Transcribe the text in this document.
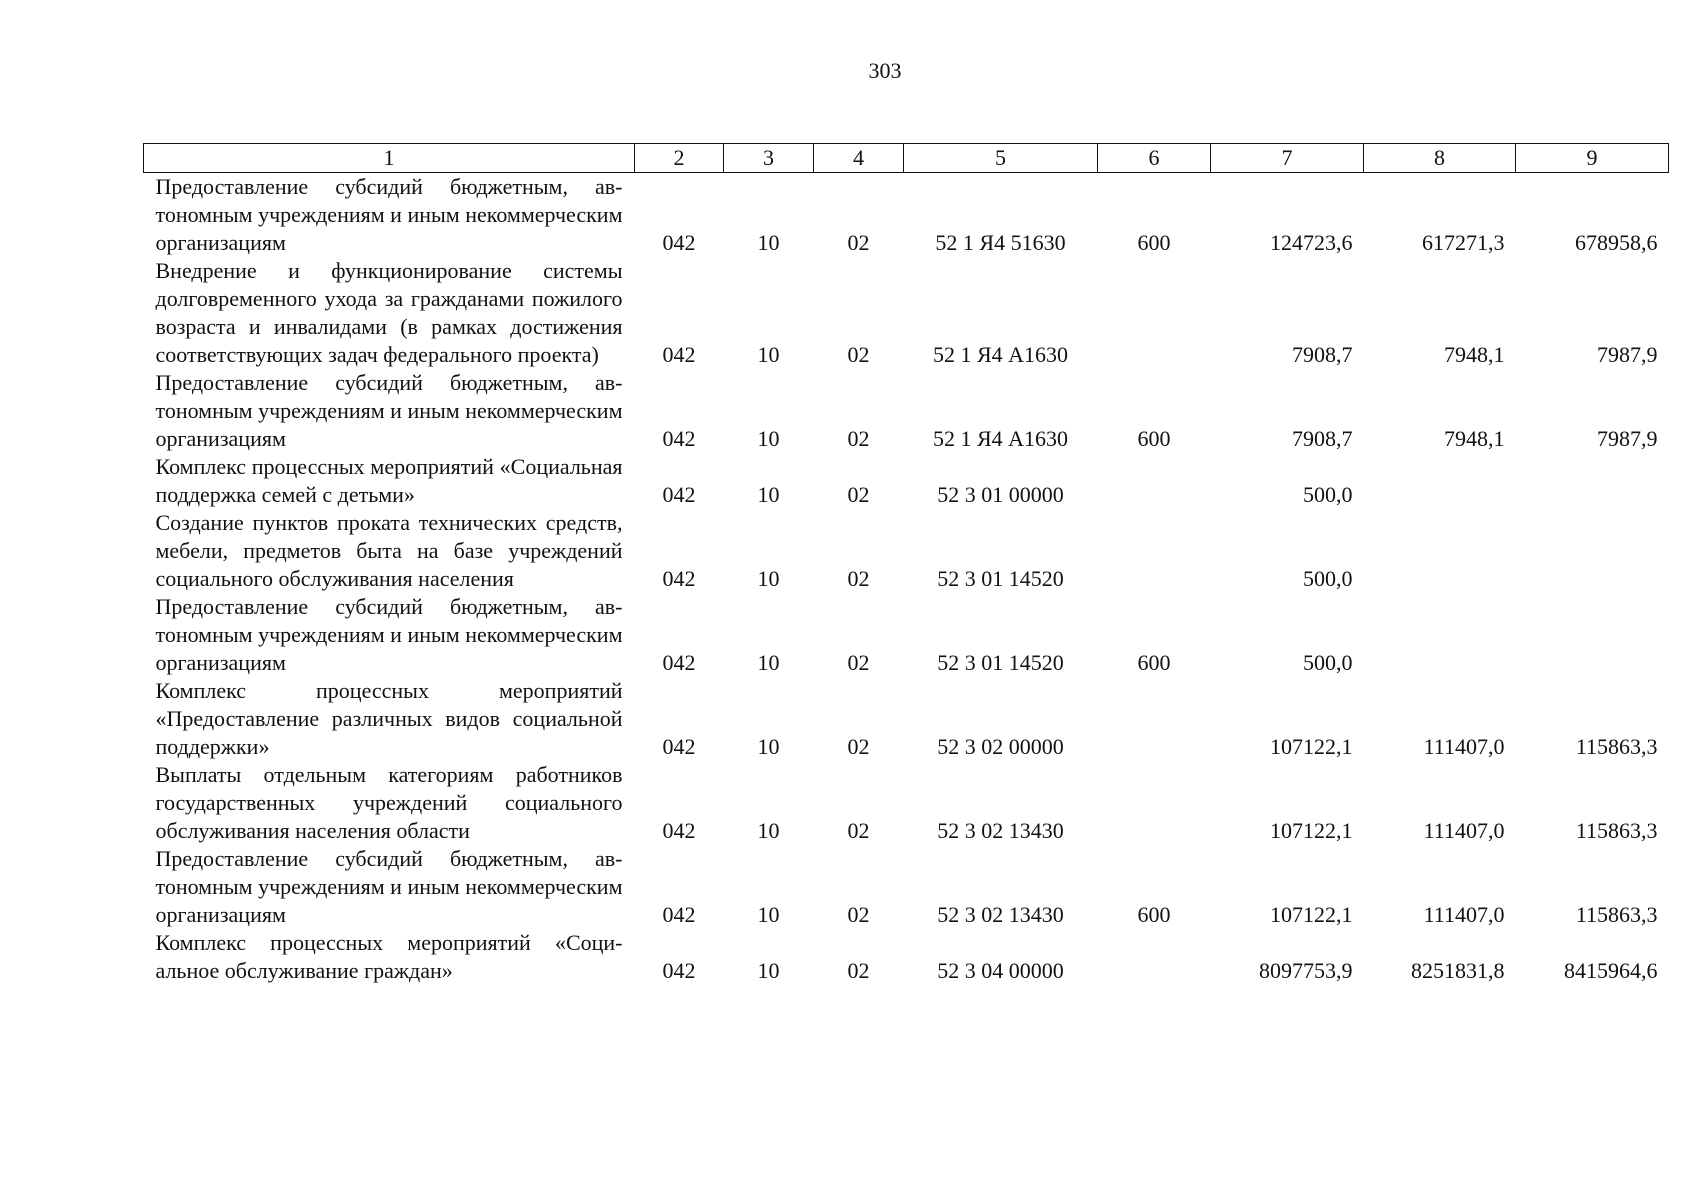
303
1	2	3	4	5	6	7	8	9
Предоставление субсидий бюджетным, автономным учреждениям и иным некоммерческим организациям	042	10	02	52 1 Я4 51630	600	124723,6	617271,3	678958,6
Внедрение и функционирование системы долговременного ухода за гражданами пожилого возраста и инвалидами (в рамках достижения соответствующих задач федерального проекта)	042	10	02	52 1 Я4 А1630		7908,7	7948,1	7987,9
Предоставление субсидий бюджетным, автономным учреждениям и иным некоммерческим организациям	042	10	02	52 1 Я4 А1630	600	7908,7	7948,1	7987,9
Комплекс процессных мероприятий «Социальная поддержка семей с детьми»	042	10	02	52 3 01 00000		500,0		
Создание пунктов проката технических средств, мебели, предметов быта на базе учреждений социального обслуживания населения	042	10	02	52 3 01 14520		500,0		
Предоставление субсидий бюджетным, автономным учреждениям и иным некоммерческим организациям	042	10	02	52 3 01 14520	600	500,0		
Комплекс процессных мероприятий «Предоставление различных видов социальной поддержки»	042	10	02	52 3 02 00000		107122,1	111407,0	115863,3
Выплаты отдельным категориям работников государственных учреждений социального обслуживания населения области	042	10	02	52 3 02 13430		107122,1	111407,0	115863,3
Предоставление субсидий бюджетным, автономным учреждениям и иным некоммерческим организациям	042	10	02	52 3 02 13430	600	107122,1	111407,0	115863,3
Комплекс процессных мероприятий «Социальное обслуживание граждан»	042	10	02	52 3 04 00000		8097753,9	8251831,8	8415964,6
